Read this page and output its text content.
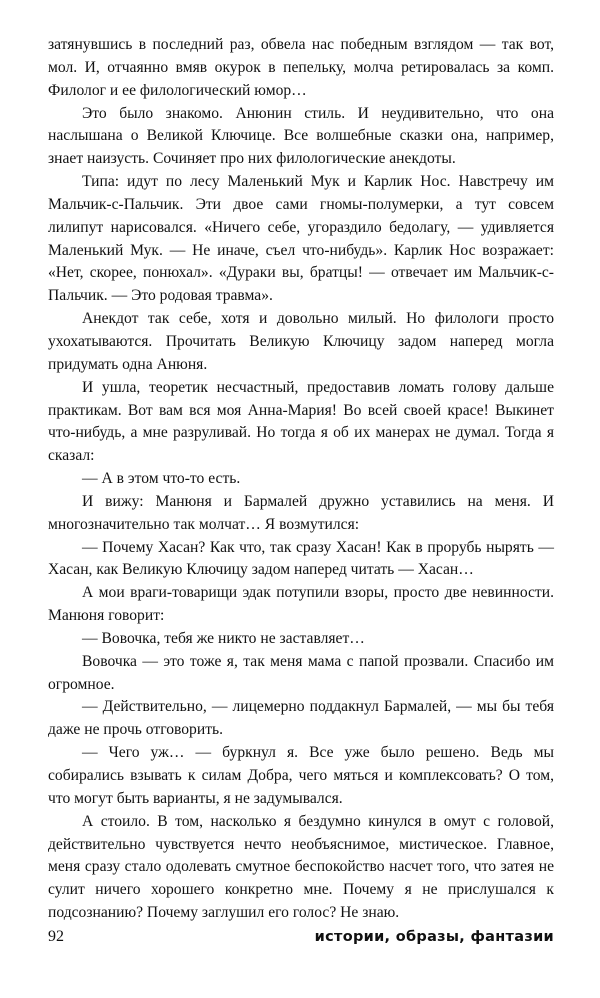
затянувшись в последний раз, обвела нас победным взглядом — так вот, мол. И, отчаянно вмяв окурок в пепельку, молча ретировалась за комп. Филолог и ее филологический юмор…

Это было знакомо. Анюнин стиль. И неудивительно, что она наслышана о Великой Ключице. Все волшебные сказки она, например, знает наизусть. Сочиняет про них филологические анекдоты.

Типа: идут по лесу Маленький Мук и Карлик Нос. Навстречу им Мальчик-с-Пальчик. Эти двое сами гномы-полумерки, а тут совсем лилипут нарисовался. «Ничего себе, угораздило бедолагу, — удивляется Маленький Мук. — Не иначе, съел что-нибудь». Карлик Нос возражает: «Нет, скорее, понюхал». «Дураки вы, братцы! — отвечает им Мальчик-с-Пальчик. — Это родовая травма».

Анекдот так себе, хотя и довольно милый. Но филологи просто ухохатываются. Прочитать Великую Ключицу задом наперед могла придумать одна Анюня.

И ушла, теоретик несчастный, предоставив ломать голову дальше практикам. Вот вам вся моя Анна-Мария! Во всей своей красе! Выкинет что-нибудь, а мне разруливай. Но тогда я об их манерах не думал. Тогда я сказал:

— А в этом что-то есть.

И вижу: Манюня и Бармалей дружно уставились на меня. И многозначительно так молчат… Я возмутился:

— Почему Хасан? Как что, так сразу Хасан! Как в прорубь нырять — Хасан, как Великую Ключицу задом наперед читать — Хасан…

А мои враги-товарищи эдак потупили взоры, просто две невинности. Манюня говорит:

— Вовочка, тебя же никто не заставляет…

Вовочка — это тоже я, так меня мама с папой прозвали. Спасибо им огромное.

— Действительно, — лицемерно поддакнул Бармалей, — мы бы тебя даже не прочь отговорить.

— Чего уж… — буркнул я. Все уже было решено. Ведь мы собирались взывать к силам Добра, чего мяться и комплексовать? О том, что могут быть варианты, я не задумывался.

А стоило. В том, насколько я бездумно кинулся в омут с головой, действительно чувствуется нечто необъяснимое, мистическое. Главное, меня сразу стало одолевать смутное беспокойство насчет того, что затея не сулит ничего хорошего конкретно мне. Почему я не прислушался к подсознанию? Почему заглушил его голос? Не знаю.

92	истории, образы, фантазии
